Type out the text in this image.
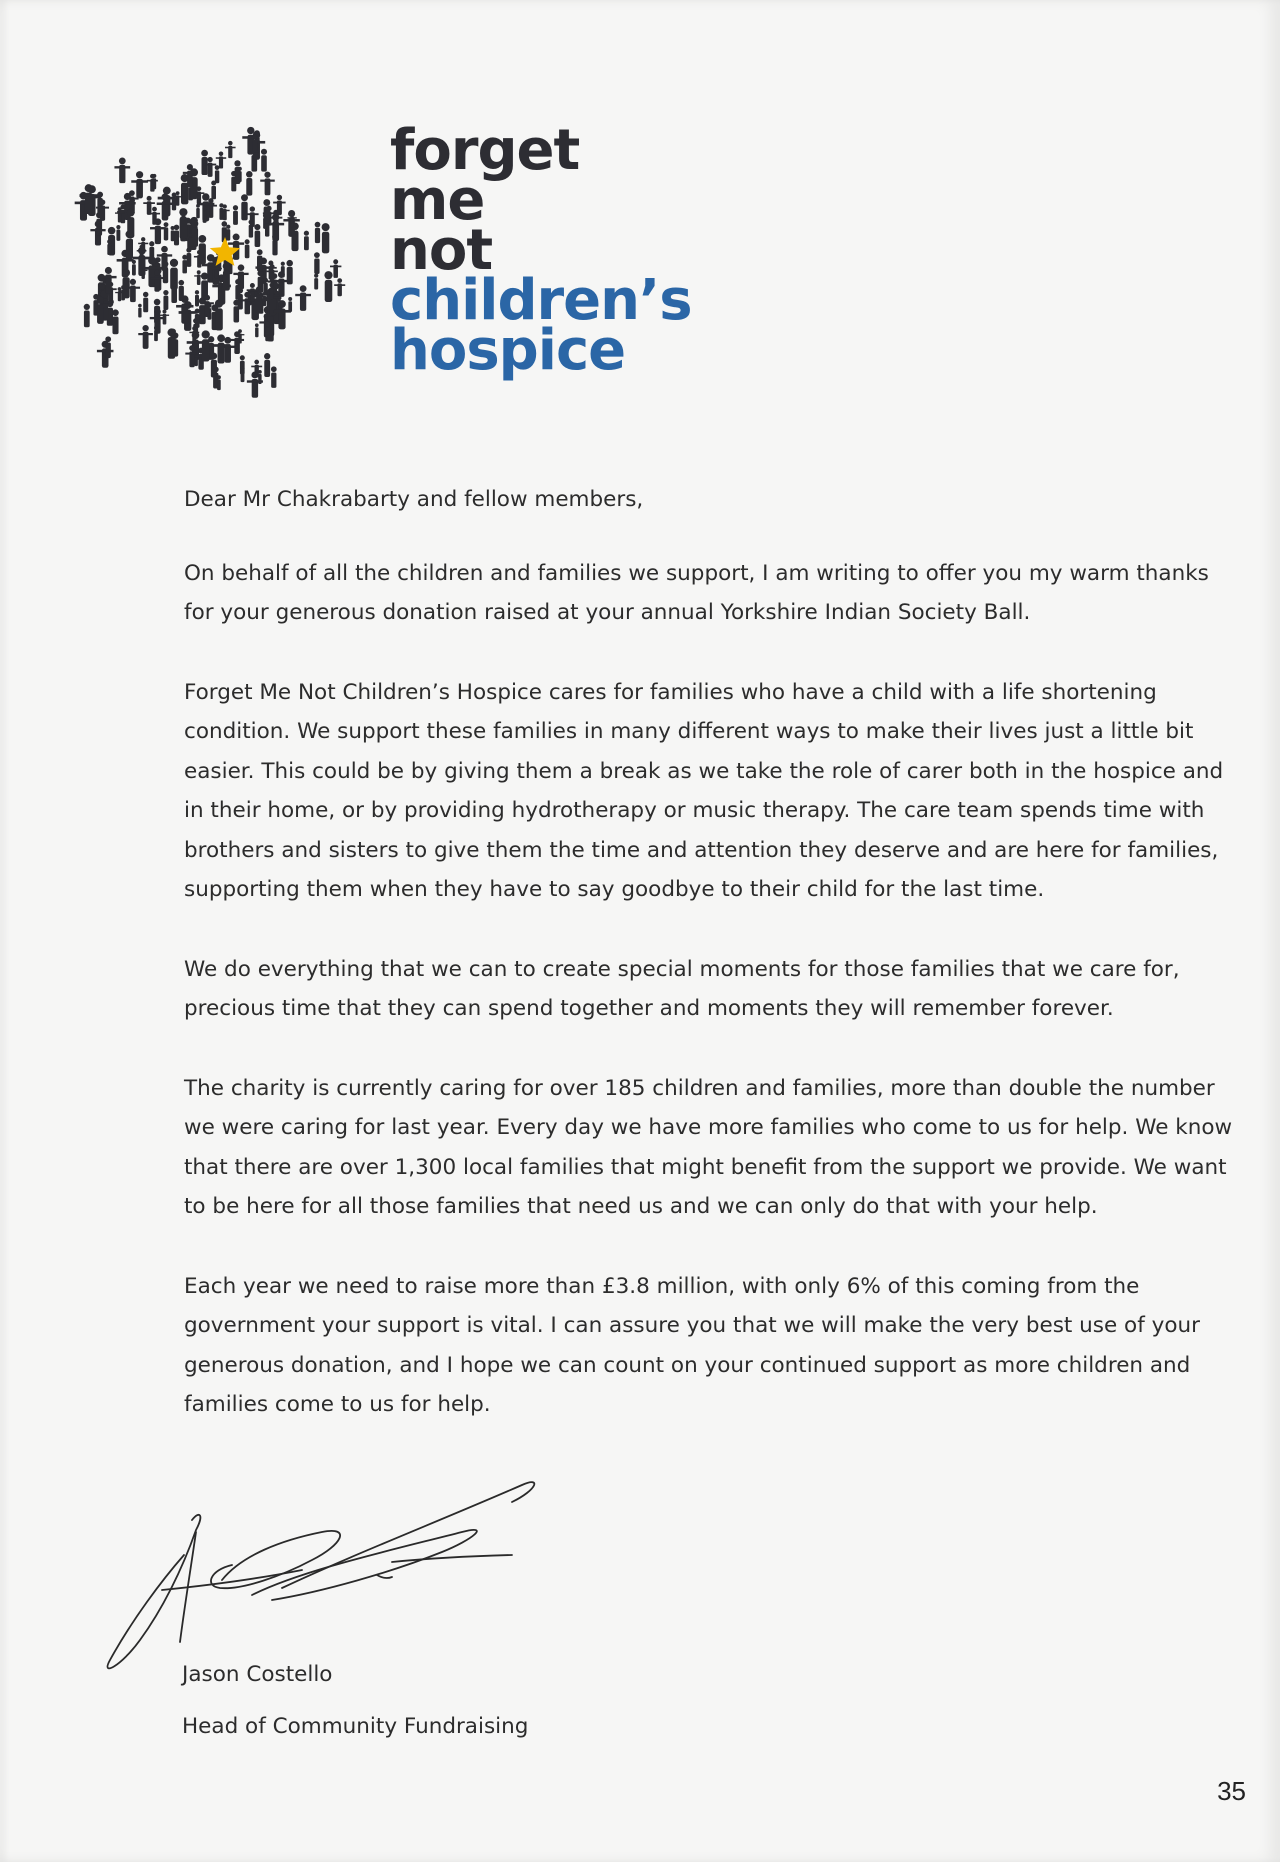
forget
me
not
children’s
hospice

Dear Mr Chakrabarty and fellow members,

On behalf of all the children and families we support, I am writing to offer you my warm thanks for your generous donation raised at your annual Yorkshire Indian Society Ball.

Forget Me Not Children’s Hospice cares for families who have a child with a life shortening condition. We support these families in many different ways to make their lives just a little bit easier. This could be by giving them a break as we take the role of carer both in the hospice and in their home, or by providing hydrotherapy or music therapy. The care team spends time with brothers and sisters to give them the time and attention they deserve and are here for families, supporting them when they have to say goodbye to their child for the last time.

We do everything that we can to create special moments for those families that we care for, precious time that they can spend together and moments they will remember forever.

The charity is currently caring for over 185 children and families, more than double the number we were caring for last year. Every day we have more families who come to us for help. We know that there are over 1,300 local families that might benefit from the support we provide. We want to be here for all those families that need us and we can only do that with your help.

Each year we need to raise more than £3.8 million, with only 6% of this coming from the government your support is vital. I can assure you that we will make the very best use of your generous donation, and I hope we can count on your continued support as more children and families come to us for help.

Jason Costello
Head of Community Fundraising
35
